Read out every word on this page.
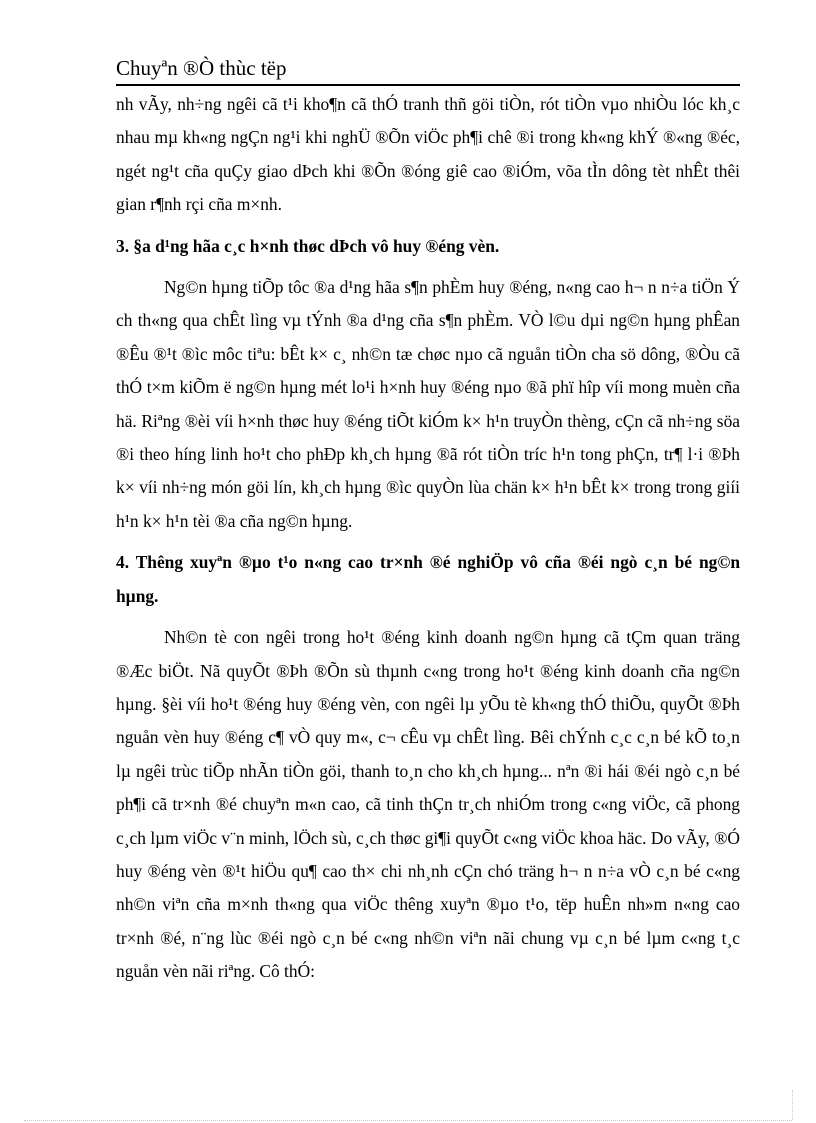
Chuyªn ®Ò thùc tëp

nh vÃy, nh÷ng ngêi cã t¹i kho¶n cã thÓ tranh thñ göi tiÒn, rót tiÒn vµo nhiÒu lóc kh¸c nhau mµ kh«ng ngÇn ng¹i khi nghÜ ®Õn viÖc ph¶i chê ®i trong kh«ng khÝ ®«ng ®éc, ngét ng¹t cña quÇy giao dÞch khi ®Õn ®óng giê cao ®iÓm, võa tÌn dông tèt nhÊt thêi gian r¶nh rçi cña m×nh.

3. §a d¹ng hãa c¸c h×nh thøc dÞch vô huy ®éng vèn.

Ng©n hµng tiÕp tôc ®a d¹ng hãa s¶n phÈm huy ®éng, n«ng cao h¬ n n÷a tiÖn Ý ch th«ng qua chÊt lìng vµ tÝnh ®a d¹ng cña s¶n phÈm. VÒ l©u dµi ng©n hµng phÊan ®Êu ®¹t ®ìc môc tiªu: bÊt k× c¸ nh©n tæ chøc nµo cã nguån tiÒn cha sö dông, ®Òu cã thÓ t×m kiÕm ë ng©n hµng mét lo¹i h×nh huy ®éng nµo ®ã phï hîp víi mong muèn cña hä. Riªng ®èi víi h×nh thøc huy ®éng tiÕt kiÓm k× h¹n truyÒn thèng, cÇn cã nh÷ng söa ®i theo híng linh ho¹t cho phÐp kh¸ch hµng ®ã rót tiÒn tríc h¹n tong phÇn, tr¶ l·i ®Þh k× víi nh÷ng món göi lín, kh¸ch hµng ®ìc quyÒn lùa chän k× h¹n bÊt k× trong trong giíi h¹n k× h¹n tèi ®a cña ng©n hµng.

4. Thêng xuyªn ®µo t¹o n«ng cao tr×nh ®é nghiÖp vô cña ®éi ngò c¸n bé ng©n hµng.

Nh©n tè con ngêi trong ho¹t ®éng kinh doanh ng©n hµng cã tÇm quan träng ®Æc biÖt. Nã quyÕt ®Þh ®Õn sù thµnh c«ng trong ho¹t ®éng kinh doanh cña ng©n hµng. §èi víi ho¹t ®éng huy ®éng vèn, con ngêi lµ yÕu tè kh«ng thÓ thiÕu, quyÕt ®Þh nguån vèn huy ®éng c¶ vÒ quy m«, c¬ cÊu vµ chÊt lìng. Bêi chÝnh c¸c c¸n bé kÕ to¸n lµ ngêi trùc tiÕp nhÃn tiÒn göi, thanh to¸n cho kh¸ch hµng... nªn ®i hái ®éi ngò c¸n bé ph¶i cã tr×nh ®é chuyªn m«n cao, cã tinh thÇn tr¸ch nhiÓm trong c«ng viÖc, cã phong c¸ch lµm viÖc v¨n minh, lÖch sù, c¸ch thøc gi¶i quyÕt c«ng viÖc khoa häc. Do vÃy, ®Ó huy ®éng vèn ®¹t hiÖu qu¶ cao th× chi nh¸nh cÇn chó träng h¬ n n÷a vÒ c¸n bé c«ng nh©n viªn cña m×nh th«ng qua viÖc thêng xuyªn ®µo t¹o, tëp huÊn nh»m n«ng cao tr×nh ®é, n¨ng lùc ®éi ngò c¸n bé c«ng nh©n viªn nãi chung vµ c¸n bé lµm c«ng t¸c nguån vèn nãi riªng. Cô thÓ:
